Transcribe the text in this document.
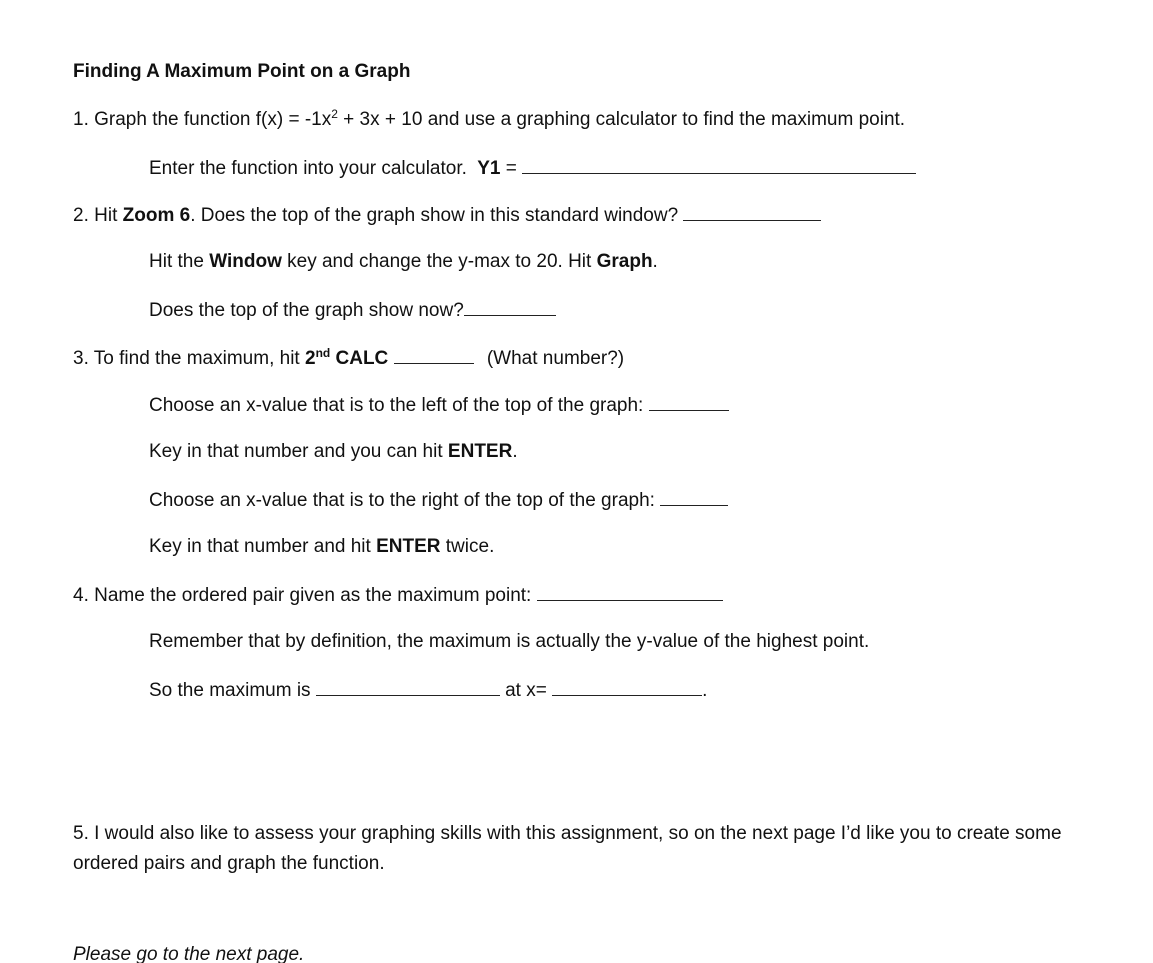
Finding A Maximum Point on a Graph
1. Graph the function $f(x) = -1x^2 + 3x + 10$ and use a graphing calculator to find the maximum point.
Enter the function into your calculator. Y1 =
2. Hit Zoom 6. Does the top of the graph show in this standard window?
Hit the Window key and change the y-max to 20. Hit Graph.
Does the top of the graph show now?
3. To find the maximum, hit 2nd CALC	(What number?)
Choose an x-value that is to the left of the top of the graph:
Key in that number and you can hit ENTER.
Choose an x-value that is to the right of the top of the graph:
Key in that number and hit ENTER twice.
4. Name the ordered pair given as the maximum point:
Remember that by definition, the maximum is actually the y-value of the highest point.
So the maximum is	at x=	.
5. I would also like to assess your graphing skills with this assignment, so on the next page I’d like you to create some ordered pairs and graph the function.
Please go to the next page.
